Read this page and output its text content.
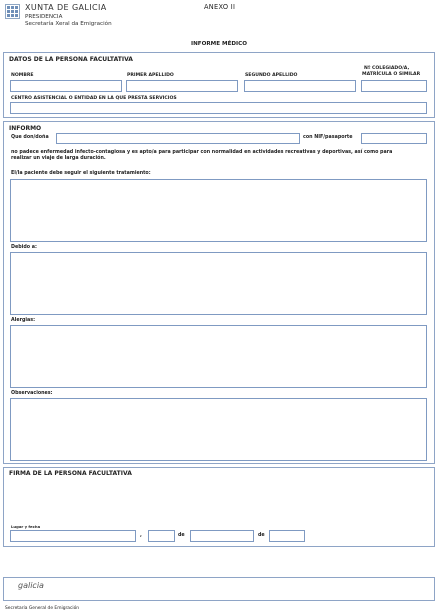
XUNTA DE GALICIA
PRESIDENCIA
Secretaría Xeral da Emigración
ANEXO II
INFORME MÉDICO
DATOS DE LA PERSONA FACULTATIVA
NOMBRE	PRIMER APELLIDO	SEGUNDO APELLIDO
Nº COLEGIADO/A,
MATRÍCULA O SIMILAR
CENTRO ASISTENCIAL O ENTIDAD EN LA QUE PRESTA SERVICIOS
INFORMO
Que don/doña	con NIF/pasaporte
no padece enfermedad infecto-contagiosa y es apto/a para participar con normalidad en actividades recreativas y deportivas, así como para
realizar un viaje de larga duración.
El/la paciente debe seguir el siguiente tratamiento:
Debido a:
Alergias:
Observaciones:
FIRMA DE LA PERSONA FACULTATIVA
Lugar y fecha
,	de	de
galicia
Secretaría General de Emigración
